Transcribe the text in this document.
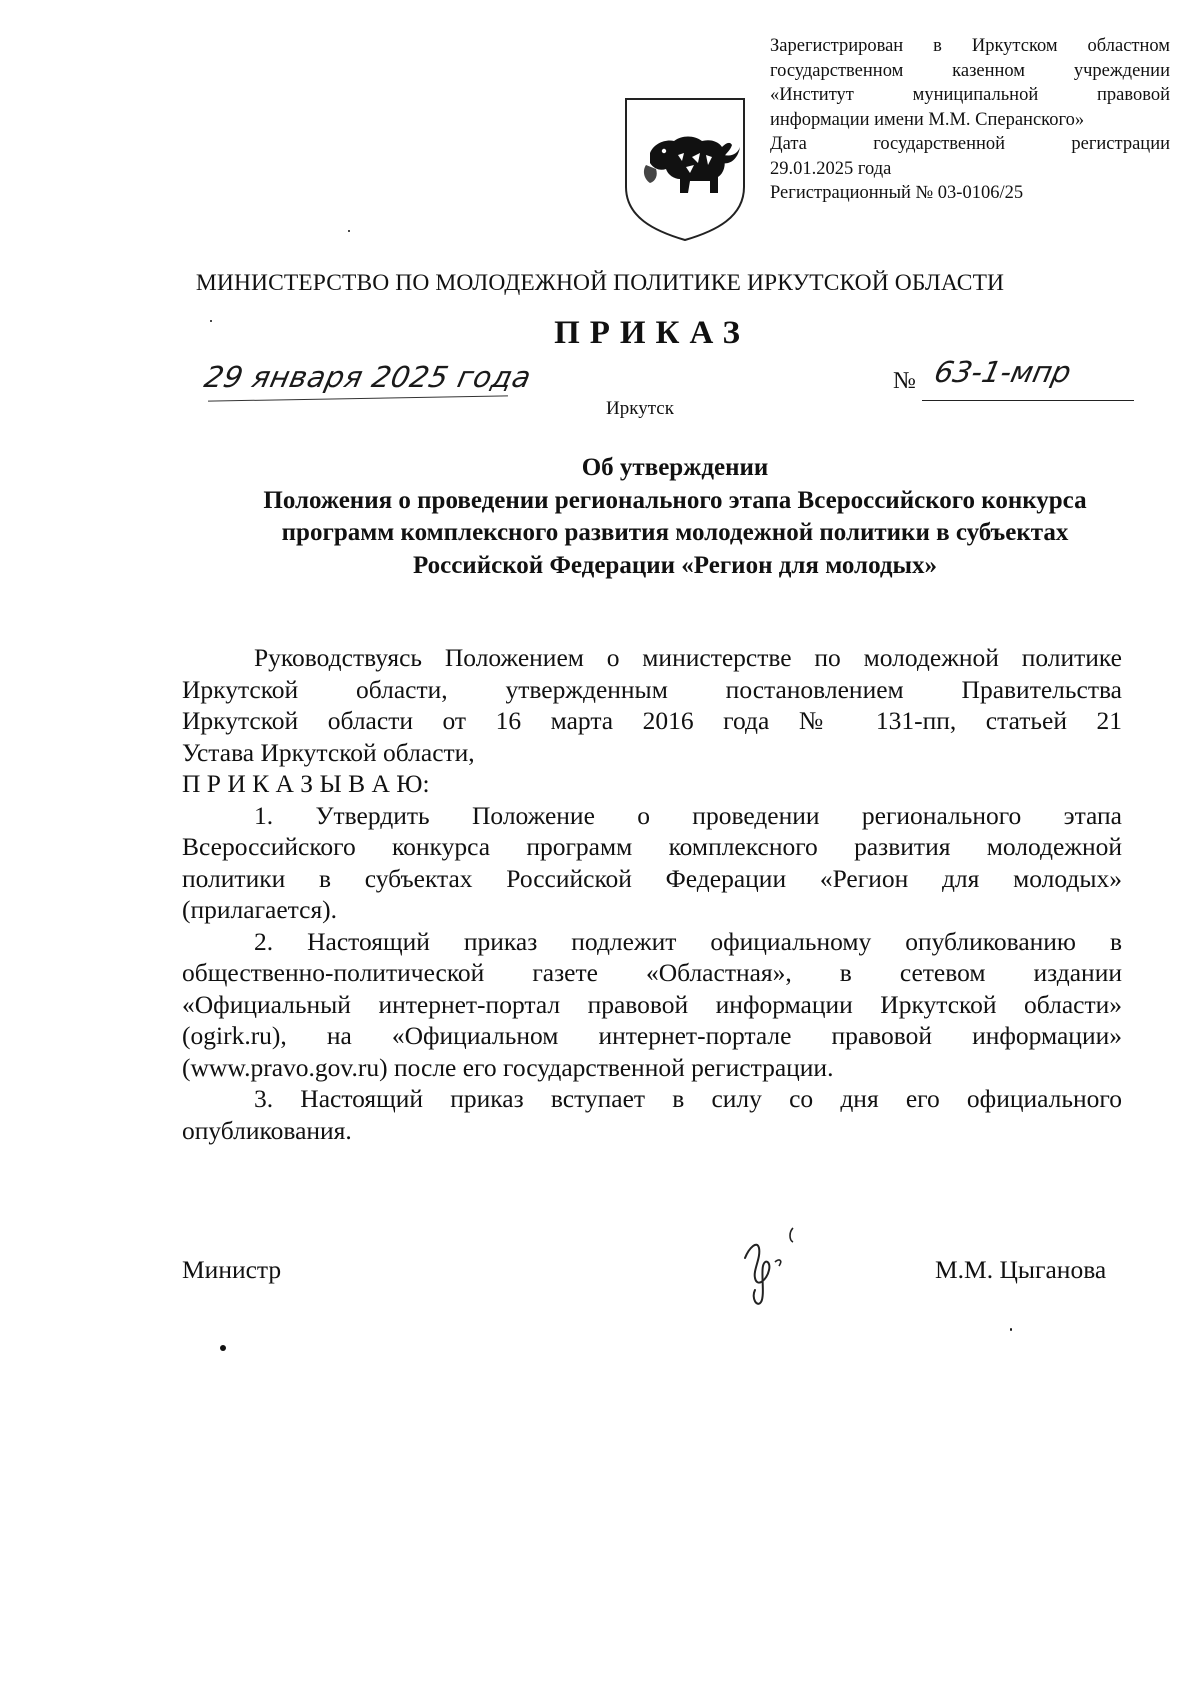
Зарегистрирован в Иркутском областном
государственном казенном учреждении
«Институт муниципальной правовой
информации имени М.М. Сперанского»
Дата государственной регистрации
29.01.2025 года
Регистрационный № 03-0106/25
МИНИСТЕРСТВО ПО МОЛОДЕЖНОЙ ПОЛИТИКЕ ИРКУТСКОЙ ОБЛАСТИ
ПРИКАЗ
29 января 2025 года	№ 63-1-мпр
Иркутск
Об утверждении
Положения о проведении регионального этапа Всероссийского конкурса
программ комплексного развития молодежной политики в субъектах
Российской Федерации «Регион для молодых»
Руководствуясь Положением о министерстве по молодежной политике
Иркутской области, утвержденным постановлением Правительства
Иркутской области от 16 марта 2016 года № 131-пп, статьей 21
Устава Иркутской области,
П Р И К А З Ы В А Ю:
1. Утвердить Положение о проведении регионального этапа
Всероссийского конкурса программ комплексного развития молодежной
политики в субъектах Российской Федерации «Регион для молодых»
(прилагается).
2. Настоящий приказ подлежит официальному опубликованию в
общественно-политической газете «Областная», в сетевом издании
«Официальный интернет-портал правовой информации Иркутской области»
(ogirk.ru), на «Официальном интернет-портале правовой информации»
(www.pravo.gov.ru) после его государственной регистрации.
3. Настоящий приказ вступает в силу со дня его официального
опубликования.
Министр	М.М. Цыганова
